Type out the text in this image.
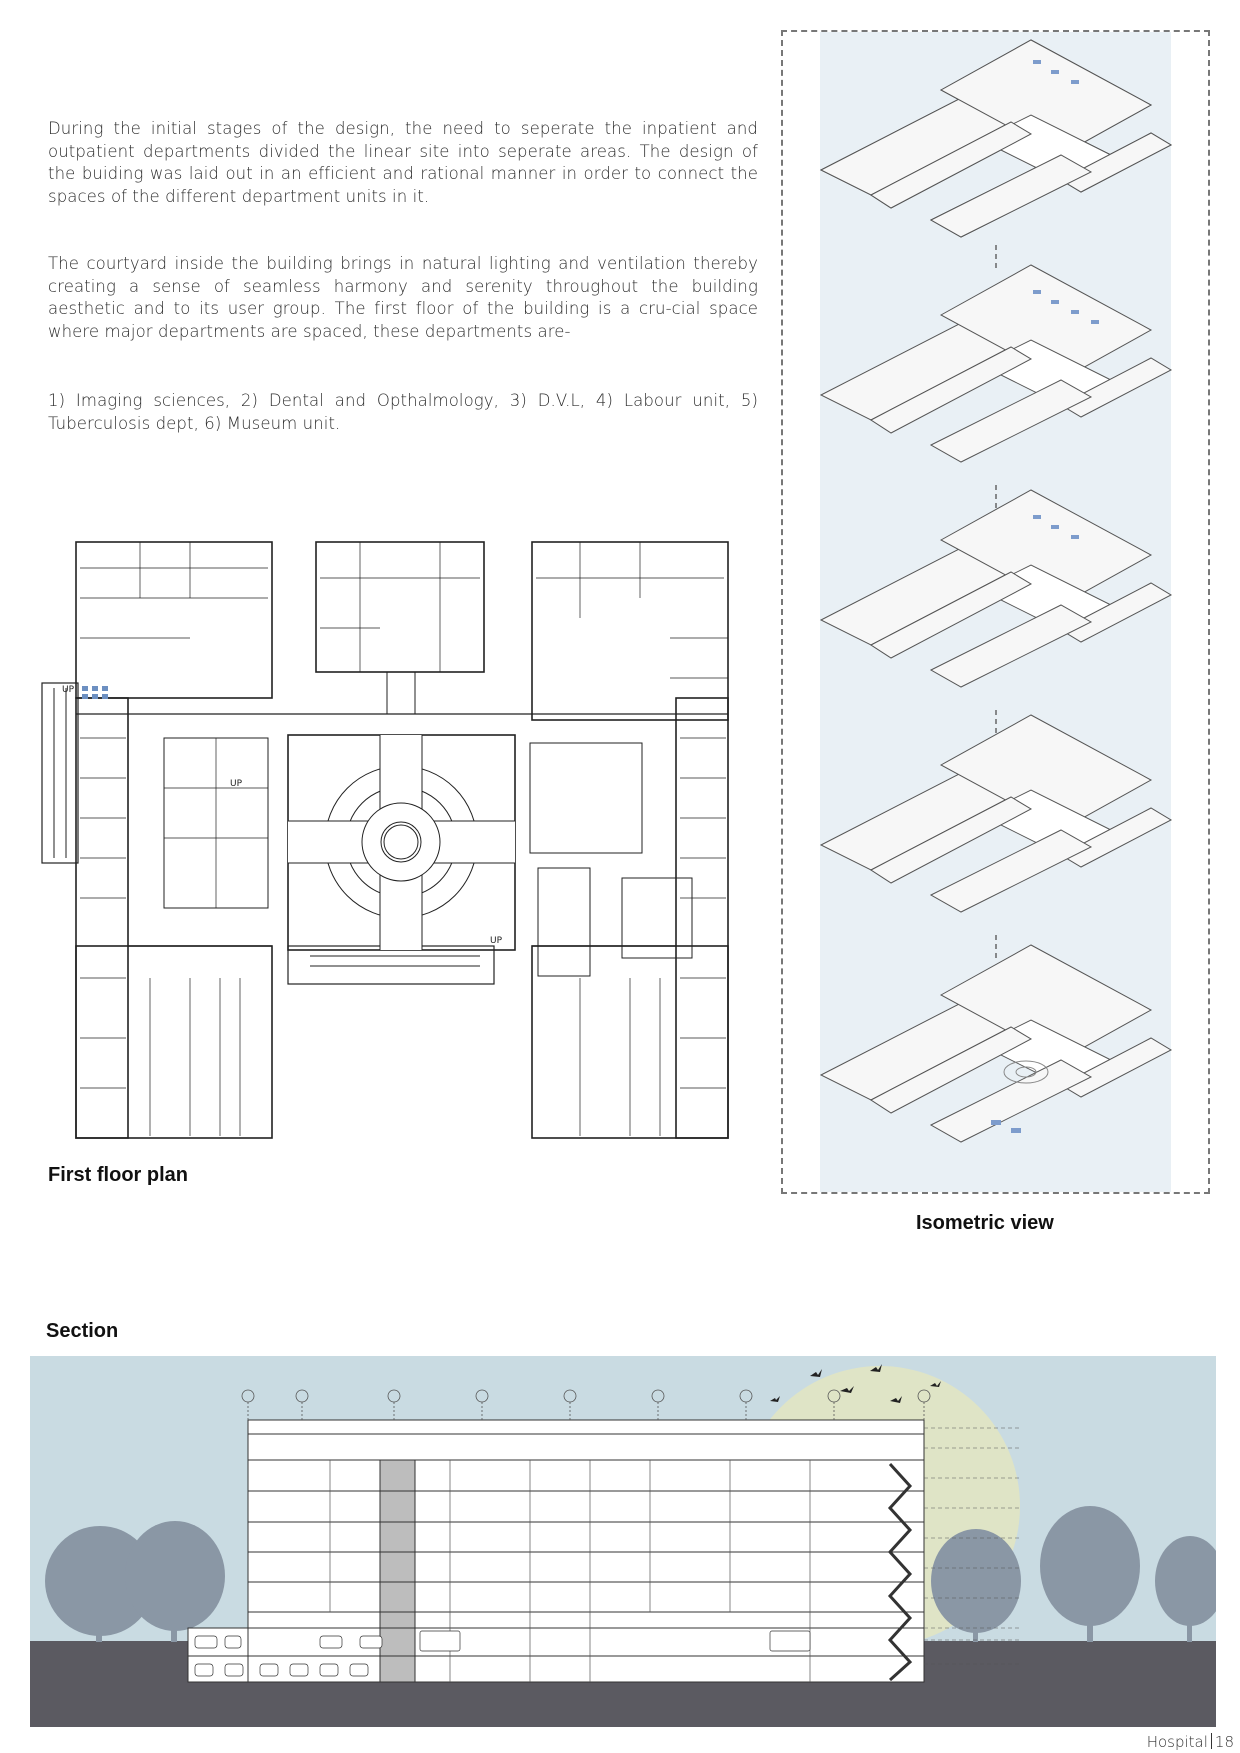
During the initial stages of the design, the need to seperate the inpatient and outpatient departments divided the linear site into seperate areas. The design of the buiding was laid out in an efficient and rational manner in order to connect the spaces of the different department units in it.

The courtyard inside the building brings in natural lighting and ventilation thereby creating a sense of seamless harmony and serenity throughout the building aesthetic and to its user group. The first floor of the building is a cru-cial space where major departments are spaced, these departments are-

1) Imaging sciences, 2) Dental and Opthalmology, 3) D.V.L, 4) Labour unit, 5) Tuberculosis dept, 6) Museum unit.

UP
UP
UP
First floor plan
Isometric view
Section
Hospital 18
